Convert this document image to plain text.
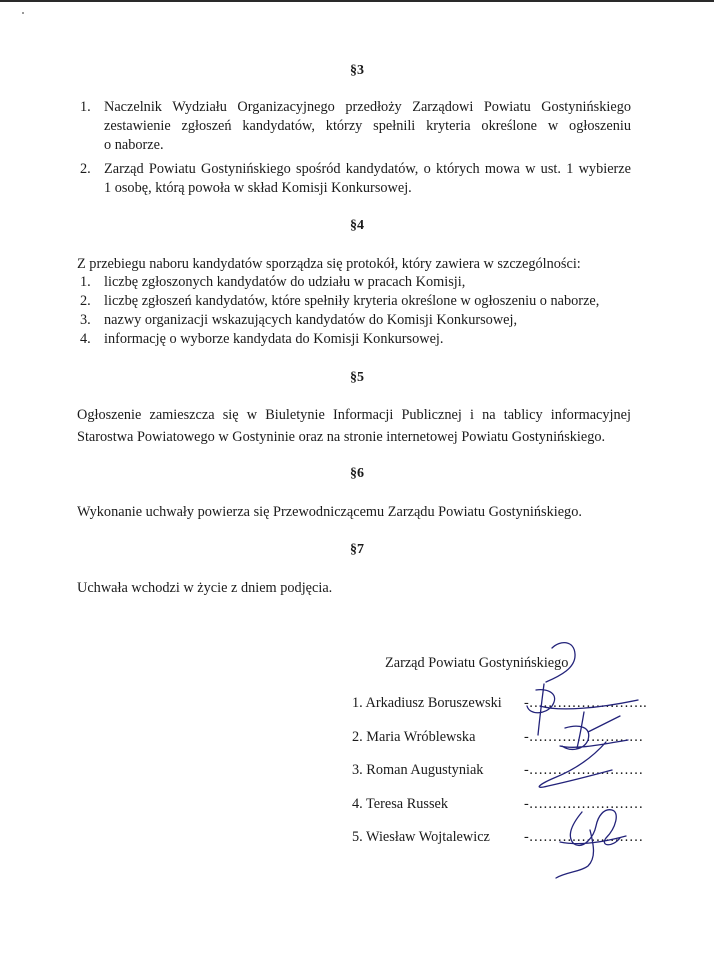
§3
1. Naczelnik Wydziału Organizacyjnego przedłoży Zarządowi Powiatu Gostynińskiego
zestawienie zgłoszeń kandydatów, którzy spełnili kryteria określone w ogłoszeniu
o naborze.
2. Zarząd Powiatu Gostynińskiego spośród kandydatów, o których mowa w ust. 1 wybierze
1 osobę, którą powoła w skład Komisji Konkursowej.
§4
Z przebiegu naboru kandydatów sporządza się protokół, który zawiera w szczególności:
1. liczbę zgłoszonych kandydatów do udziału w pracach Komisji,
2. liczbę zgłoszeń kandydatów, które spełniły kryteria określone w ogłoszeniu o naborze,
3. nazwy organizacji wskazujących kandydatów do Komisji Konkursowej,
4. informację o wyborze kandydata do Komisji Konkursowej.
§5
Ogłoszenie zamieszcza się w Biuletynie Informacji Publicznej i na tablicy informacyjnej
Starostwa Powiatowego w Gostyninie oraz na stronie internetowej Powiatu Gostynińskiego.
§6
Wykonanie uchwały powierza się Przewodniczącemu Zarządu Powiatu Gostynińskiego.
§7
Uchwała wchodzi w życie z dniem podjęcia.
Zarząd Powiatu Gostynińskiego
1. Arkadiusz Boruszewski -…………………….
2. Maria Wróblewska	-……………………
3. Roman Augustyniak	-……………………
4. Teresa Russek	-……………………
5. Wiesław Wojtalewicz -……………………
